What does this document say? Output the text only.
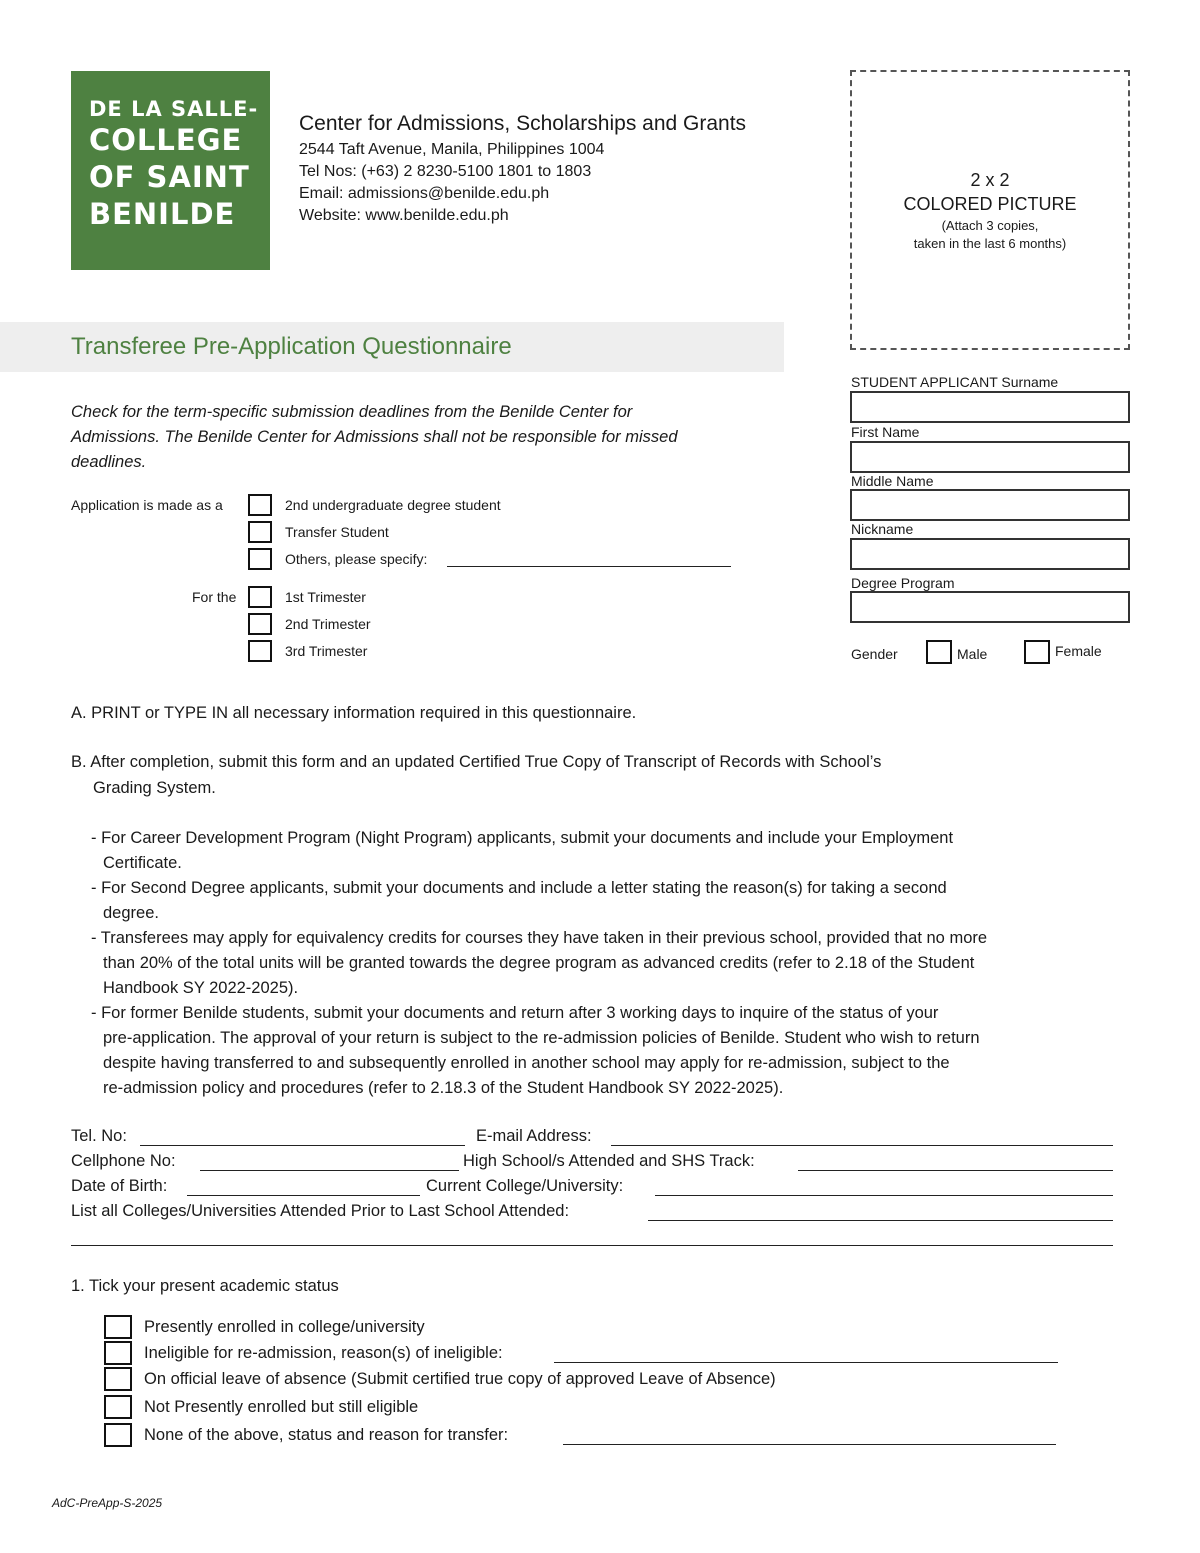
DE LA SALLE-
COLLEGE
OF SAINT
BENILDE
Center for Admissions, Scholarships and Grants
2544 Taft Avenue, Manila, Philippines 1004
Tel Nos: (+63) 2 8230-5100 1801 to 1803
Email: admissions@benilde.edu.ph
Website: www.benilde.edu.ph
2 x 2
COLORED PICTURE
(Attach 3 copies,
taken in the last 6 months)
Transferee Pre-Application Questionnaire
Check for the term-specific submission deadlines from the Benilde Center for Admissions. The Benilde Center for Admissions shall not be responsible for missed deadlines.
Application is made as a	2nd undergraduate degree student
Transfer Student
Others, please specify:
For the	1st Trimester
2nd Trimester
3rd Trimester
STUDENT APPLICANT Surname
First Name
Middle Name
Nickname
Degree Program
Gender	Male	Female
A. PRINT or TYPE IN all necessary information required in this questionnaire.
B. After completion, submit this form and an updated Certified True Copy of Transcript of Records with School’s
Grading System.
- For Career Development Program (Night Program) applicants, submit your documents and include your Employment
Certificate.
- For Second Degree applicants, submit your documents and include a letter stating the reason(s) for taking a second
degree.
- Transferees may apply for equivalency credits for courses they have taken in their previous school, provided that no more
than 20% of the total units will be granted towards the degree program as advanced credits (refer to 2.18 of the Student
Handbook SY 2022-2025).
- For former Benilde students, submit your documents and return after 3 working days to inquire of the status of your
pre-application. The approval of your return is subject to the re-admission policies of Benilde. Student who wish to return
despite having transferred to and subsequently enrolled in another school may apply for re-admission, subject to the
re-admission policy and procedures (refer to 2.18.3 of the Student Handbook SY 2022-2025).
Tel. No:	E-mail Address:
Cellphone No:	High School/s Attended and SHS Track:
Date of Birth:	Current College/University:
List all Colleges/Universities Attended Prior to Last School Attended:
1. Tick your present academic status
Presently enrolled in college/university
Ineligible for re-admission, reason(s) of ineligible:
On official leave of absence (Submit certified true copy of approved Leave of Absence)
Not Presently enrolled but still eligible
None of the above, status and reason for transfer:
AdC-PreApp-S-2025
